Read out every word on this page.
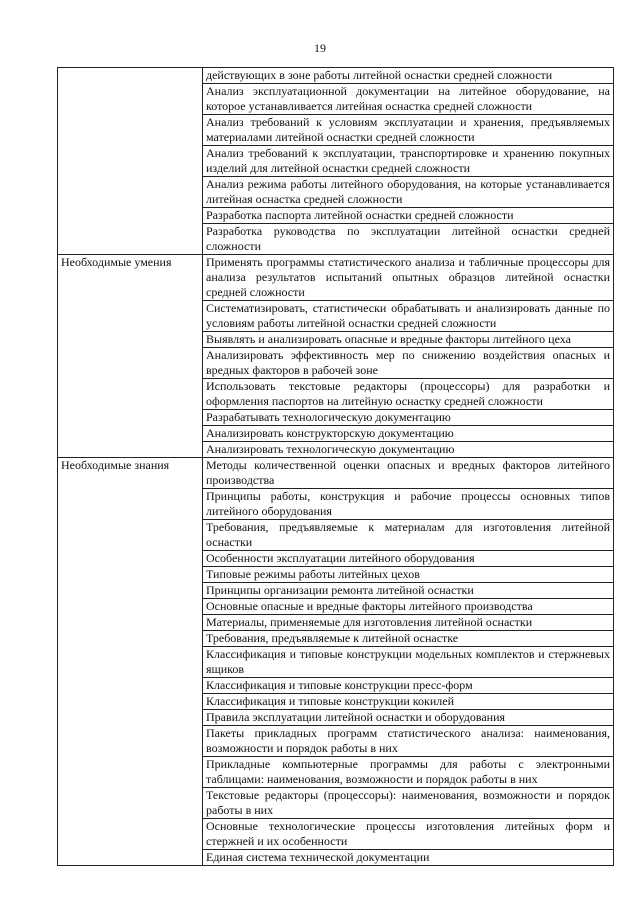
19
	действующих в зоне работы литейной оснастки средней сложности
	Анализ эксплуатационной документации на литейное оборудование, на которое устанавливается литейная оснастка средней сложности
	Анализ требований к условиям эксплуатации и хранения, предъявляемых материалами литейной оснастки средней сложности
	Анализ требований к эксплуатации, транспортировке и хранению покупных изделий для литейной оснастки средней сложности
	Анализ режима работы литейного оборудования, на которые устанавливается литейная оснастка средней сложности
	Разработка паспорта литейной оснастки средней сложности
	Разработка руководства по эксплуатации литейной оснастки средней сложности
Необходимые умения	Применять программы статистического анализа и табличные процессоры для анализа результатов испытаний опытных образцов литейной оснастки средней сложности
	Систематизировать, статистически обрабатывать и анализировать данные по условиям работы литейной оснастки средней сложности
	Выявлять и анализировать опасные и вредные факторы литейного цеха
	Анализировать эффективность мер по снижению воздействия опасных и вредных факторов в рабочей зоне
	Использовать текстовые редакторы (процессоры) для разработки и оформления паспортов на литейную оснастку средней сложности
	Разрабатывать технологическую документацию
	Анализировать конструкторскую документацию
	Анализировать технологическую документацию
Необходимые знания	Методы количественной оценки опасных и вредных факторов литейного производства
	Принципы работы, конструкция и рабочие процессы основных типов литейного оборудования
	Требования, предъявляемые к материалам для изготовления литейной оснастки
	Особенности эксплуатации литейного оборудования
	Типовые режимы работы литейных цехов
	Принципы организации ремонта литейной оснастки
	Основные опасные и вредные факторы литейного производства
	Материалы, применяемые для изготовления литейной оснастки
	Требования, предъявляемые к литейной оснастке
	Классификация и типовые конструкции модельных комплектов и стержневых ящиков
	Классификация и типовые конструкции пресс-форм
	Классификация и типовые конструкции кокилей
	Правила эксплуатации литейной оснастки и оборудования
	Пакеты прикладных программ статистического анализа: наименования, возможности и порядок работы в них
	Прикладные компьютерные программы для работы с электронными таблицами: наименования, возможности и порядок работы в них
	Текстовые редакторы (процессоры): наименования, возможности и порядок работы в них
	Основные технологические процессы изготовления литейных форм и стержней и их особенности
	Единая система технической документации
